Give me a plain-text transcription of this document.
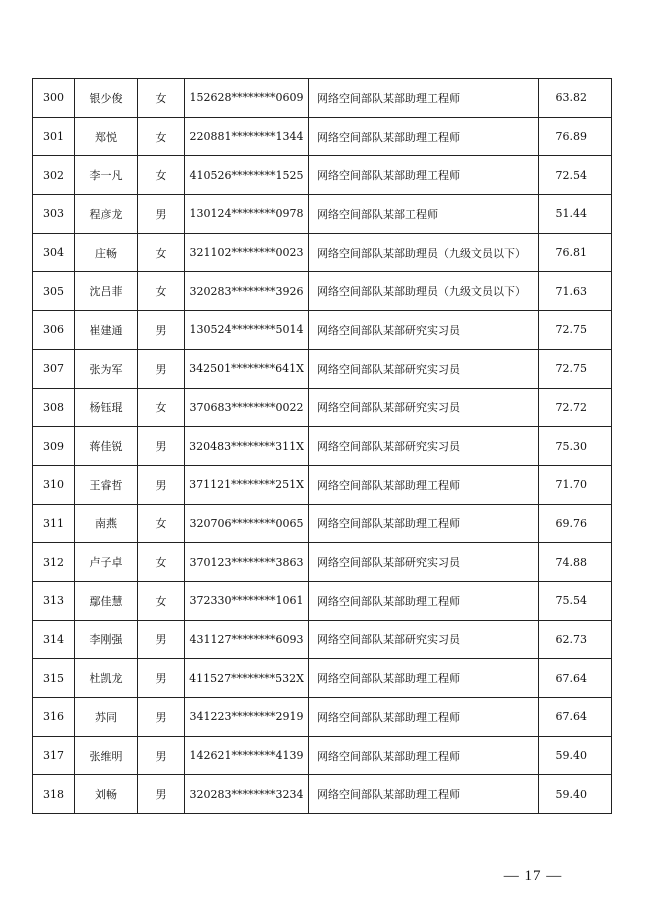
300	银少俊	女	152628********0609	网络空间部队某部助理工程师	63.82
301	郑悦	女	220881********1344	网络空间部队某部助理工程师	76.89
302	李一凡	女	410526********1525	网络空间部队某部助理工程师	72.54
303	程彦龙	男	130124********0978	网络空间部队某部工程师	51.44
304	庄畅	女	321102********0023	网络空间部队某部助理员（九级文员以下）	76.81
305	沈吕菲	女	320283********3926	网络空间部队某部助理员（九级文员以下）	71.63
306	崔建通	男	130524********5014	网络空间部队某部研究实习员	72.75
307	张为军	男	342501********641X	网络空间部队某部研究实习员	72.75
308	杨钰琨	女	370683********0022	网络空间部队某部研究实习员	72.72
309	蒋佳锐	男	320483********311X	网络空间部队某部研究实习员	75.30
310	王睿哲	男	371121********251X	网络空间部队某部助理工程师	71.70
311	南燕	女	320706********0065	网络空间部队某部助理工程师	69.76
312	卢子卓	女	370123********3863	网络空间部队某部研究实习员	74.88
313	鄢佳慧	女	372330********1061	网络空间部队某部助理工程师	75.54
314	李刚强	男	431127********6093	网络空间部队某部研究实习员	62.73
315	杜凯龙	男	411527********532X	网络空间部队某部助理工程师	67.64
316	苏同	男	341223********2919	网络空间部队某部助理工程师	67.64
317	张维明	男	142621********4139	网络空间部队某部助理工程师	59.40
318	刘畅	男	320283********3234	网络空间部队某部助理工程师	59.40
— 17 —
